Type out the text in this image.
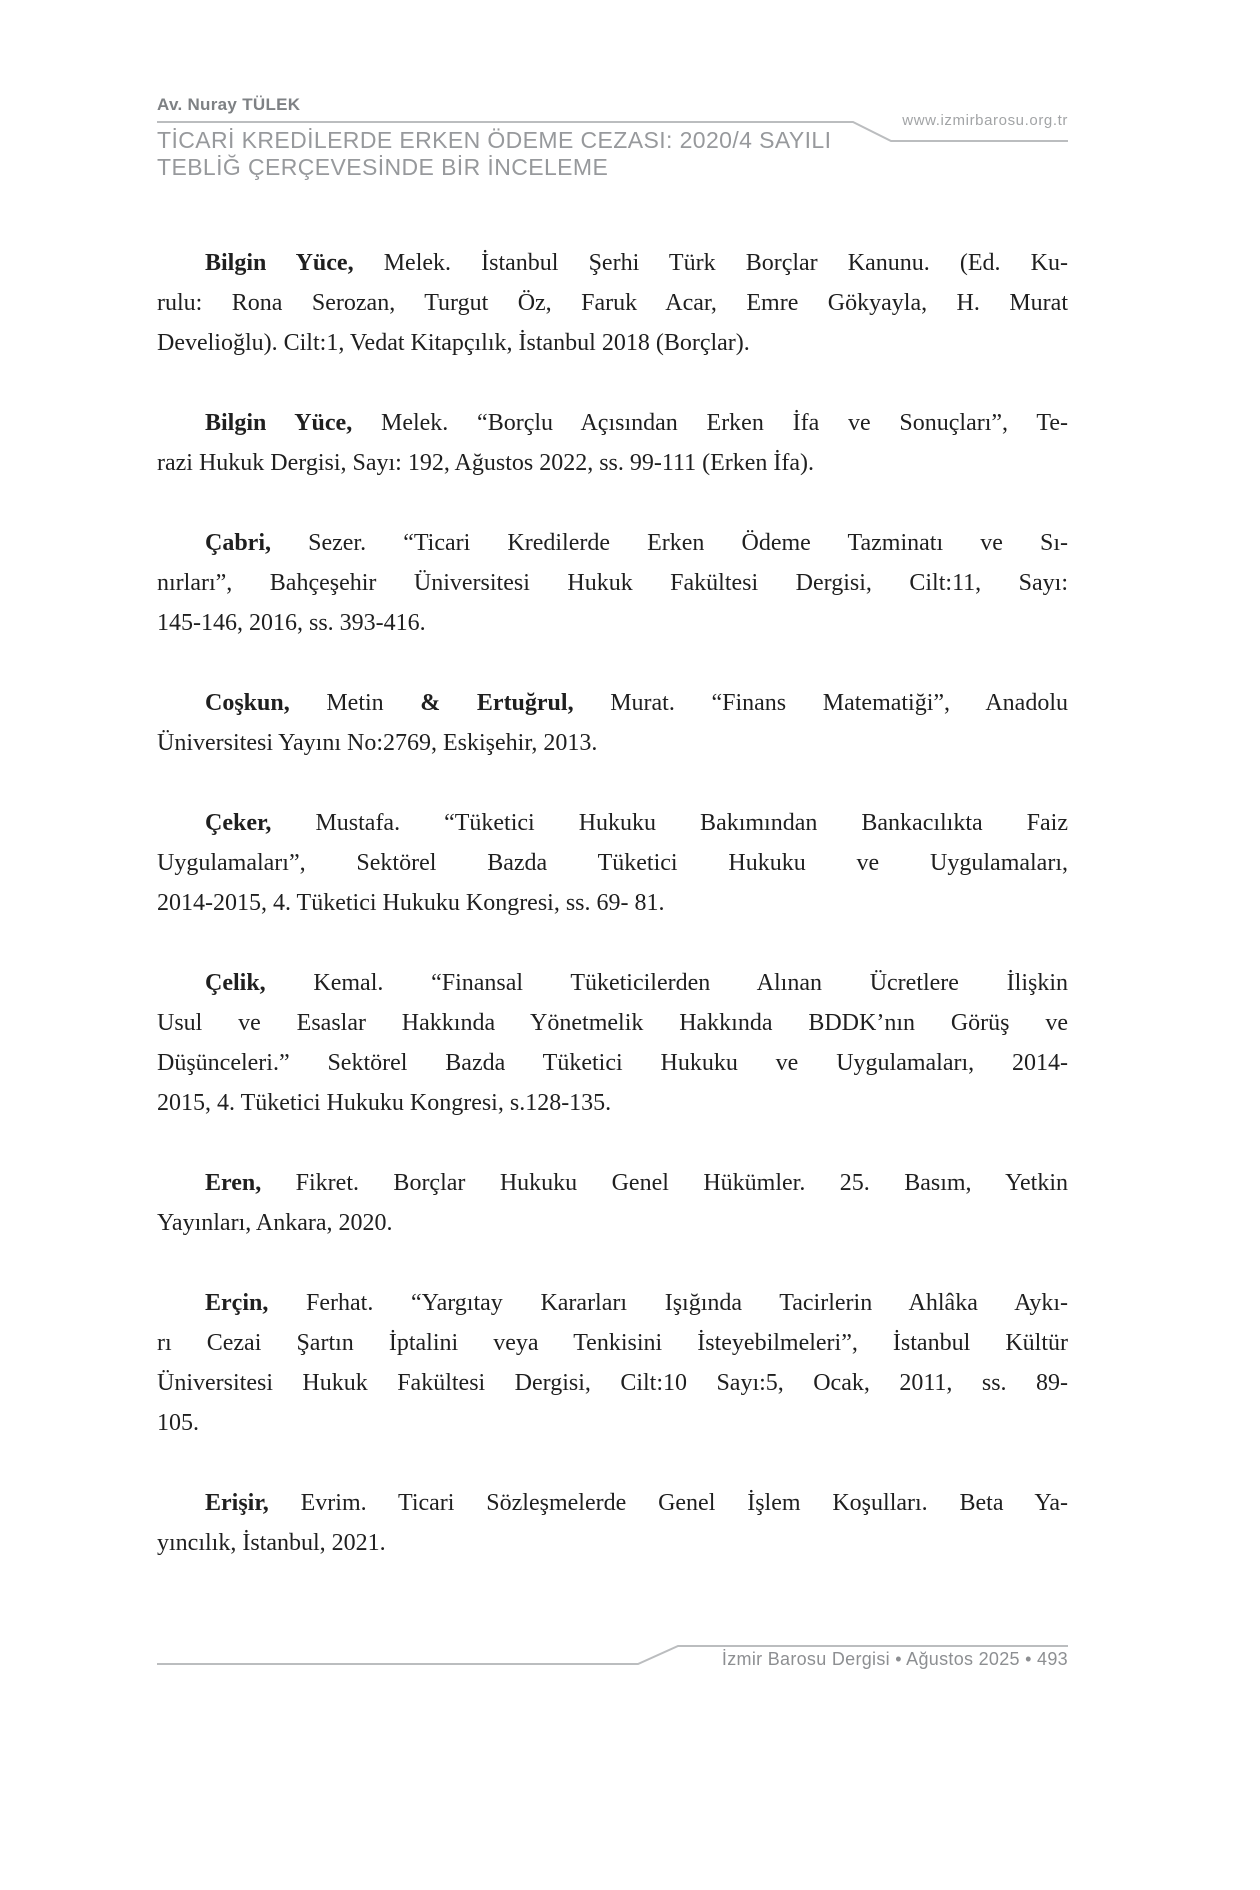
Av. Nuray TÜLEK
www.izmirbarosu.org.tr
TİCARİ KREDİLERDE ERKEN ÖDEME CEZASI: 2020/4 SAYILI
TEBLİĞ ÇERÇEVESİNDE BİR İNCELEME
Bilgin Yüce, Melek. İstanbul Şerhi Türk Borçlar Kanunu. (Ed. Ku-
rulu: Rona Serozan, Turgut Öz, Faruk Acar, Emre Gökyayla, H. Murat
Develioğlu). Cilt:1, Vedat Kitapçılık, İstanbul 2018 (Borçlar).
Bilgin Yüce, Melek. “Borçlu Açısından Erken İfa ve Sonuçları”, Te-
razi Hukuk Dergisi, Sayı: 192, Ağustos 2022, ss. 99-111 (Erken İfa).
Çabri, Sezer. “Ticari Kredilerde Erken Ödeme Tazminatı ve Sı-
nırları”, Bahçeşehir Üniversitesi Hukuk Fakültesi Dergisi, Cilt:11, Sayı:
145-146, 2016, ss. 393-416.
Coşkun, Metin & Ertuğrul, Murat. “Finans Matematiği”, Anadolu
Üniversitesi Yayını No:2769, Eskişehir, 2013.
Çeker, Mustafa. “Tüketici Hukuku Bakımından Bankacılıkta Faiz
Uygulamaları”, Sektörel Bazda Tüketici Hukuku ve Uygulamaları,
2014-2015, 4. Tüketici Hukuku Kongresi, ss. 69- 81.
Çelik, Kemal. “Finansal Tüketicilerden Alınan Ücretlere İlişkin
Usul ve Esaslar Hakkında Yönetmelik Hakkında BDDK’nın Görüş ve
Düşünceleri.” Sektörel Bazda Tüketici Hukuku ve Uygulamaları, 2014-
2015, 4. Tüketici Hukuku Kongresi, s.128-135.
Eren, Fikret. Borçlar Hukuku Genel Hükümler. 25. Basım, Yetkin
Yayınları, Ankara, 2020.
Erçin, Ferhat. “Yargıtay Kararları Işığında Tacirlerin Ahlâka Aykı-
rı Cezai Şartın İptalini veya Tenkisini İsteyebilmeleri”, İstanbul Kültür
Üniversitesi Hukuk Fakültesi Dergisi, Cilt:10 Sayı:5, Ocak, 2011, ss. 89-
105.
Erişir, Evrim. Ticari Sözleşmelerde Genel İşlem Koşulları. Beta Ya-
yıncılık, İstanbul, 2021.
İzmir Barosu Dergisi • Ağustos 2025 • 493
